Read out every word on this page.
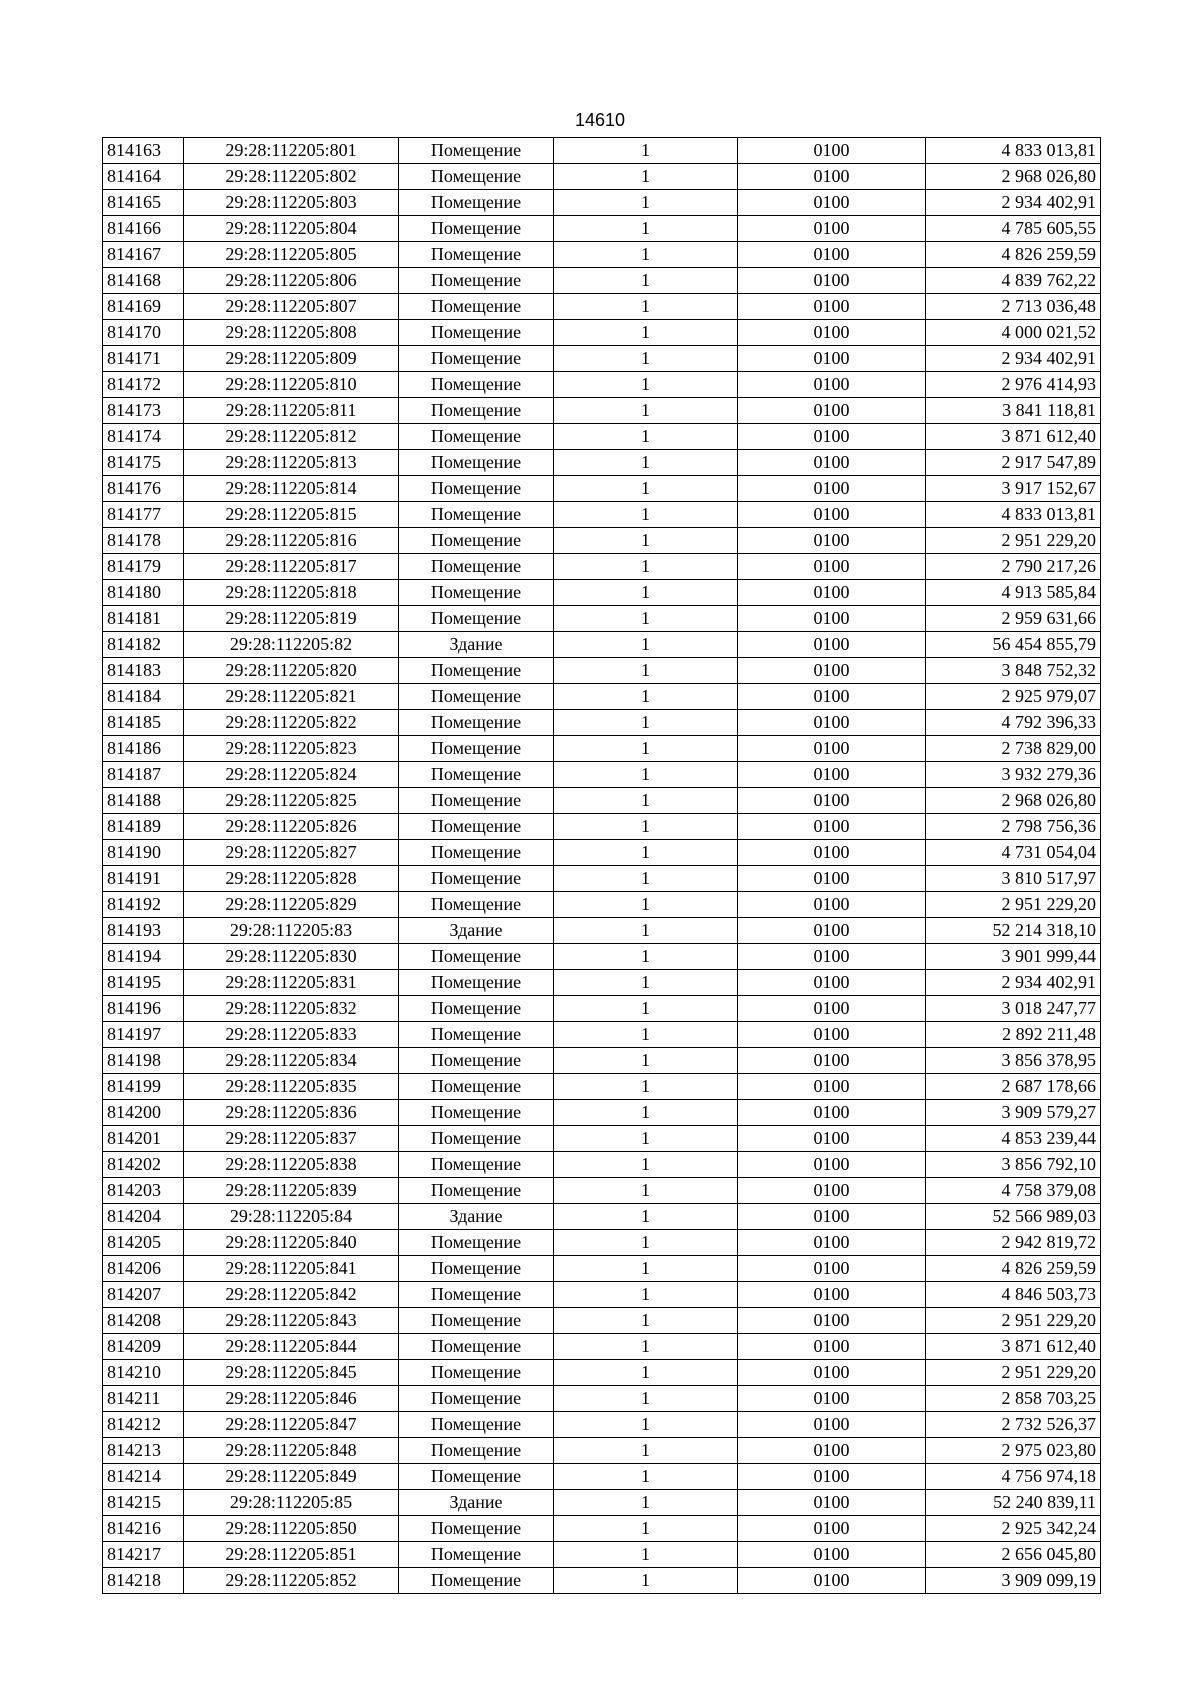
14610
814163	29:28:112205:801	Помещение	1	0100	4 833 013,81
814164	29:28:112205:802	Помещение	1	0100	2 968 026,80
814165	29:28:112205:803	Помещение	1	0100	2 934 402,91
814166	29:28:112205:804	Помещение	1	0100	4 785 605,55
814167	29:28:112205:805	Помещение	1	0100	4 826 259,59
814168	29:28:112205:806	Помещение	1	0100	4 839 762,22
814169	29:28:112205:807	Помещение	1	0100	2 713 036,48
814170	29:28:112205:808	Помещение	1	0100	4 000 021,52
814171	29:28:112205:809	Помещение	1	0100	2 934 402,91
814172	29:28:112205:810	Помещение	1	0100	2 976 414,93
814173	29:28:112205:811	Помещение	1	0100	3 841 118,81
814174	29:28:112205:812	Помещение	1	0100	3 871 612,40
814175	29:28:112205:813	Помещение	1	0100	2 917 547,89
814176	29:28:112205:814	Помещение	1	0100	3 917 152,67
814177	29:28:112205:815	Помещение	1	0100	4 833 013,81
814178	29:28:112205:816	Помещение	1	0100	2 951 229,20
814179	29:28:112205:817	Помещение	1	0100	2 790 217,26
814180	29:28:112205:818	Помещение	1	0100	4 913 585,84
814181	29:28:112205:819	Помещение	1	0100	2 959 631,66
814182	29:28:112205:82	Здание	1	0100	56 454 855,79
814183	29:28:112205:820	Помещение	1	0100	3 848 752,32
814184	29:28:112205:821	Помещение	1	0100	2 925 979,07
814185	29:28:112205:822	Помещение	1	0100	4 792 396,33
814186	29:28:112205:823	Помещение	1	0100	2 738 829,00
814187	29:28:112205:824	Помещение	1	0100	3 932 279,36
814188	29:28:112205:825	Помещение	1	0100	2 968 026,80
814189	29:28:112205:826	Помещение	1	0100	2 798 756,36
814190	29:28:112205:827	Помещение	1	0100	4 731 054,04
814191	29:28:112205:828	Помещение	1	0100	3 810 517,97
814192	29:28:112205:829	Помещение	1	0100	2 951 229,20
814193	29:28:112205:83	Здание	1	0100	52 214 318,10
814194	29:28:112205:830	Помещение	1	0100	3 901 999,44
814195	29:28:112205:831	Помещение	1	0100	2 934 402,91
814196	29:28:112205:832	Помещение	1	0100	3 018 247,77
814197	29:28:112205:833	Помещение	1	0100	2 892 211,48
814198	29:28:112205:834	Помещение	1	0100	3 856 378,95
814199	29:28:112205:835	Помещение	1	0100	2 687 178,66
814200	29:28:112205:836	Помещение	1	0100	3 909 579,27
814201	29:28:112205:837	Помещение	1	0100	4 853 239,44
814202	29:28:112205:838	Помещение	1	0100	3 856 792,10
814203	29:28:112205:839	Помещение	1	0100	4 758 379,08
814204	29:28:112205:84	Здание	1	0100	52 566 989,03
814205	29:28:112205:840	Помещение	1	0100	2 942 819,72
814206	29:28:112205:841	Помещение	1	0100	4 826 259,59
814207	29:28:112205:842	Помещение	1	0100	4 846 503,73
814208	29:28:112205:843	Помещение	1	0100	2 951 229,20
814209	29:28:112205:844	Помещение	1	0100	3 871 612,40
814210	29:28:112205:845	Помещение	1	0100	2 951 229,20
814211	29:28:112205:846	Помещение	1	0100	2 858 703,25
814212	29:28:112205:847	Помещение	1	0100	2 732 526,37
814213	29:28:112205:848	Помещение	1	0100	2 975 023,80
814214	29:28:112205:849	Помещение	1	0100	4 756 974,18
814215	29:28:112205:85	Здание	1	0100	52 240 839,11
814216	29:28:112205:850	Помещение	1	0100	2 925 342,24
814217	29:28:112205:851	Помещение	1	0100	2 656 045,80
814218	29:28:112205:852	Помещение	1	0100	3 909 099,19
